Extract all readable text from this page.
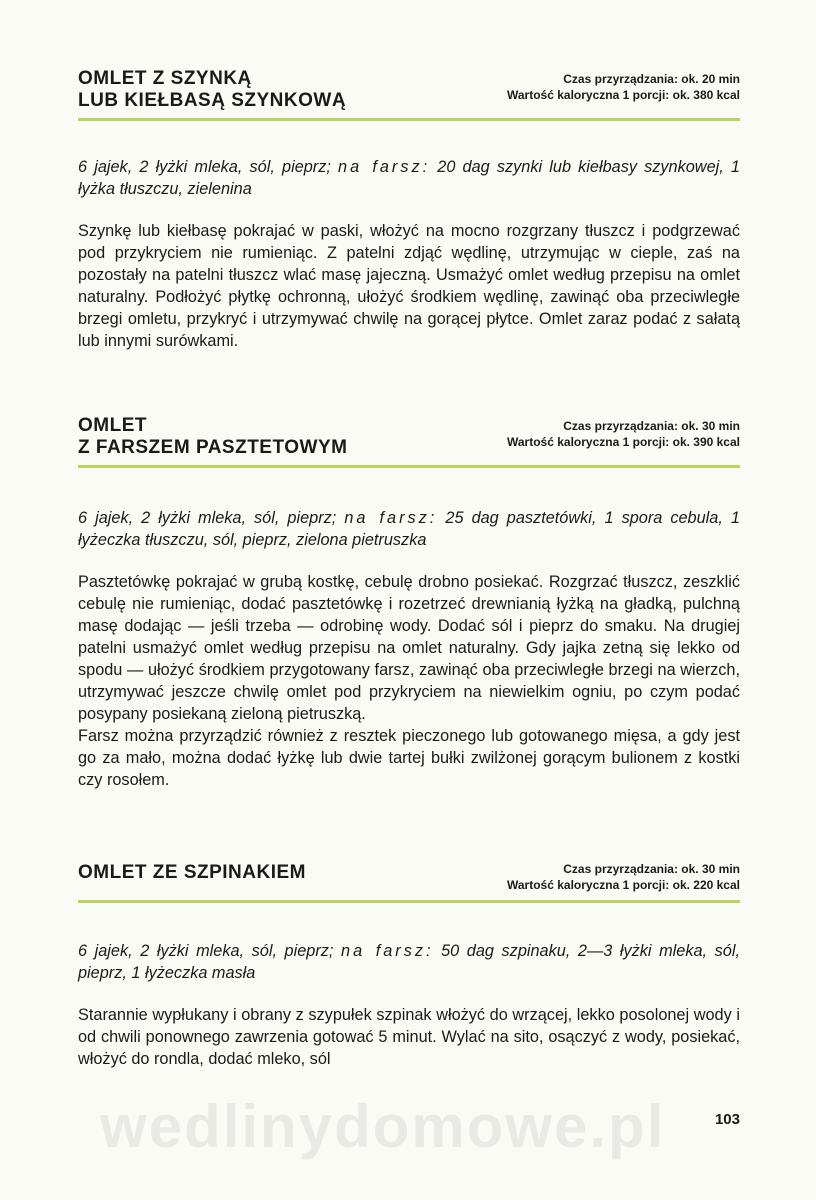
OMLET Z SZYNKĄ
LUB KIEŁBASĄ SZYNKOWĄ
Czas przyrządzania: ok. 20 min
Wartość kaloryczna 1 porcji: ok. 380 kcal

6 jajek, 2 łyżki mleka, sól, pieprz; na farsz: 20 dag szynki lub kiełbasy szynkowej, 1 łyżka tłuszczu, zielenina

Szynkę lub kiełbasę pokrajać w paski, włożyć na mocno rozgrzany tłuszcz i podgrzewać pod przykryciem nie rumieniąc. Z patelni zdjąć wędlinę, utrzymując w cieple, zaś na pozostały na patelni tłuszcz wlać masę jajeczną. Usmażyć omlet według przepisu na omlet naturalny. Podłożyć płytkę ochronną, ułożyć środkiem wędlinę, zawinąć oba przeciwległe brzegi omletu, przykryć i utrzymywać chwilę na gorącej płytce. Omlet zaraz podać z sałatą lub innymi surówkami.

OMLET
Z FARSZEM PASZTETOWYM
Czas przyrządzania: ok. 30 min
Wartość kaloryczna 1 porcji: ok. 390 kcal

6 jajek, 2 łyżki mleka, sól, pieprz; na farsz: 25 dag pasztetówki, 1 spora cebula, 1 łyżeczka tłuszczu, sól, pieprz, zielona pietruszka

Pasztetówkę pokrajać w grubą kostkę, cebulę drobno posiekać. Rozgrzać tłuszcz, zeszklić cebulę nie rumieniąc, dodać pasztetówkę i rozetrzeć drewnianią łyżką na gładką, pulchną masę dodając — jeśli trzeba — odrobinę wody. Dodać sól i pieprz do smaku. Na drugiej patelni usmażyć omlet według przepisu na omlet naturalny. Gdy jajka zetną się lekko od spodu — ułożyć środkiem przygotowany farsz, zawinąć oba przeciwległe brzegi na wierzch, utrzymywać jeszcze chwilę omlet pod przykryciem na niewielkim ogniu, po czym podać posypany posiekaną zieloną pietruszką.

Farsz można przyrządzić również z resztek pieczonego lub gotowanego mięsa, a gdy jest go za mało, można dodać łyżkę lub dwie tartej bułki zwilżonej gorącym bulionem z kostki czy rosołem.

OMLET ZE SZPINAKIEM	Czas przyrządzania: ok. 30 min
Wartość kaloryczna 1 porcji: ok. 220 kcal

6 jajek, 2 łyżki mleka, sól, pieprz; na farsz: 50 dag szpinaku, 2—3 łyżki mleka, sól, pieprz, 1 łyżeczka masła

Starannie wypłukany i obrany z szypułek szpinak włożyć do wrzącej, lekko posolonej wody i od chwili ponownego zawrzenia gotować 5 minut. Wylać na sito, osączyć z wody, posiekać, włożyć do rondla, dodać mleko, sól

wedlinydomowe.pl	103
